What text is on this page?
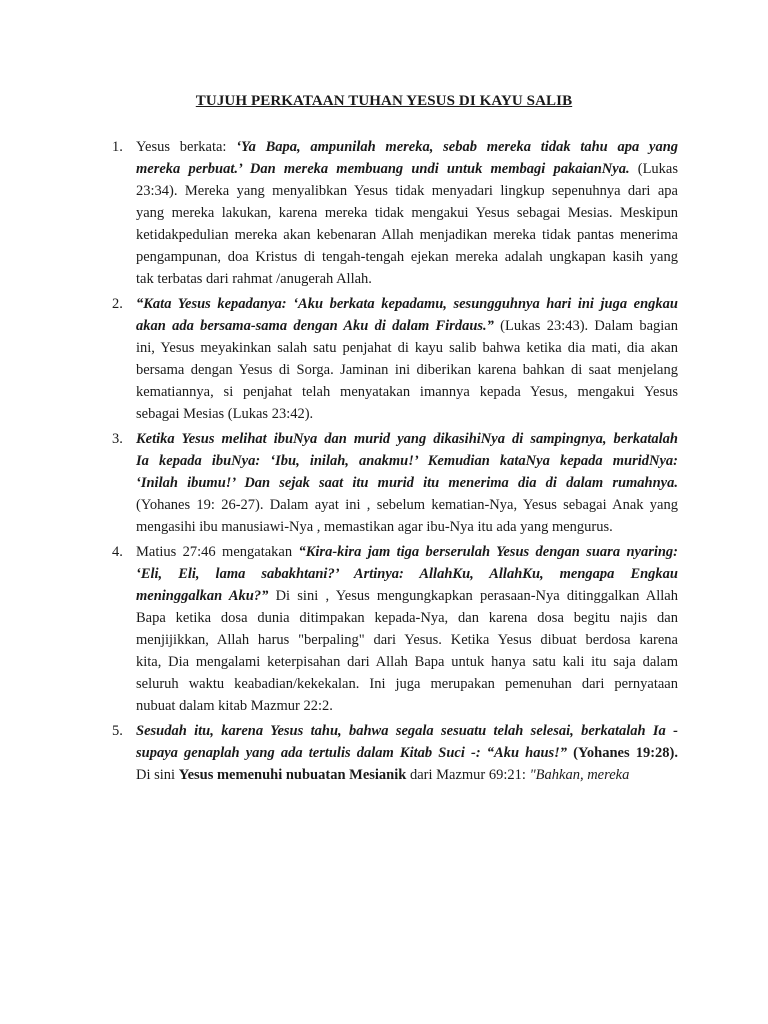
TUJUH PERKATAAN TUHAN YESUS DI KAYU SALIB
1. Yesus berkata: ‘Ya Bapa, ampunilah mereka, sebab mereka tidak tahu apa yang
mereka perbuat.’ Dan mereka membuang undi untuk membagi pakaianNya. (Lukas
23:34). Mereka yang menyalibkan Yesus tidak menyadari lingkup sepenuhnya dari apa
yang mereka lakukan, karena mereka tidak mengakui Yesus sebagai Mesias. Meskipun
ketidakpedulian mereka akan kebenaran Allah menjadikan mereka tidak pantas menerima
pengampunan, doa Kristus di tengah-tengah ejekan mereka adalah ungkapan kasih yang
tak terbatas dari rahmat /anugerah Allah.
2. “Kata Yesus kepadanya: ‘Aku berkata kepadamu, sesungguhnya hari ini juga engkau
akan ada bersama-sama dengan Aku di dalam Firdaus.” (Lukas 23:43). Dalam bagian
ini, Yesus meyakinkan salah satu penjahat di kayu salib bahwa ketika dia mati, dia akan
bersama dengan Yesus di Sorga. Jaminan ini diberikan karena bahkan di saat menjelang
kematiannya, si penjahat telah menyatakan imannya kepada Yesus, mengakui Yesus
sebagai Mesias (Lukas 23:42).
3. Ketika Yesus melihat ibuNya dan murid yang dikasihiNya di sampingnya, berkatalah
Ia kepada ibuNya: ‘Ibu, inilah, anakmu!’ Kemudian kataNya kepada muridNya:
‘Inilah ibumu!’ Dan sejak saat itu murid itu menerima dia di dalam rumahnya.
(Yohanes 19: 26-27). Dalam ayat ini , sebelum kematian-Nya, Yesus sebagai Anak yang
mengasihi ibu manusiawi-Nya , memastikan agar ibu-Nya itu ada yang mengurus.
4. Matius 27:46 mengatakan “Kira-kira jam tiga berserulah Yesus dengan suara nyaring:
‘Eli, Eli, lama sabakhtani?’ Artinya: AllahKu, AllahKu, mengapa Engkau
meninggalkan Aku?” Di sini , Yesus mengungkapkan perasaan-Nya ditinggalkan Allah
Bapa ketika dosa dunia ditimpakan kepada-Nya, dan karena dosa begitu najis dan
menjijikkan, Allah harus "berpaling" dari Yesus. Ketika Yesus dibuat berdosa karena
kita, Dia mengalami keterpisahan dari Allah Bapa untuk hanya satu kali itu saja dalam
seluruh waktu keabadian/kekekalan. Ini juga merupakan pemenuhan dari pernyataan
nubuat dalam kitab Mazmur 22:2.
5. Sesudah itu, karena Yesus tahu, bahwa segala sesuatu telah selesai, berkatalah Ia -
supaya genaplah yang ada tertulis dalam Kitab Suci -: “Aku haus!” (Yohanes 19:28).
Di sini Yesus memenuhi nubuatan Mesianik dari Mazmur 69:21: "Bahkan, mereka
